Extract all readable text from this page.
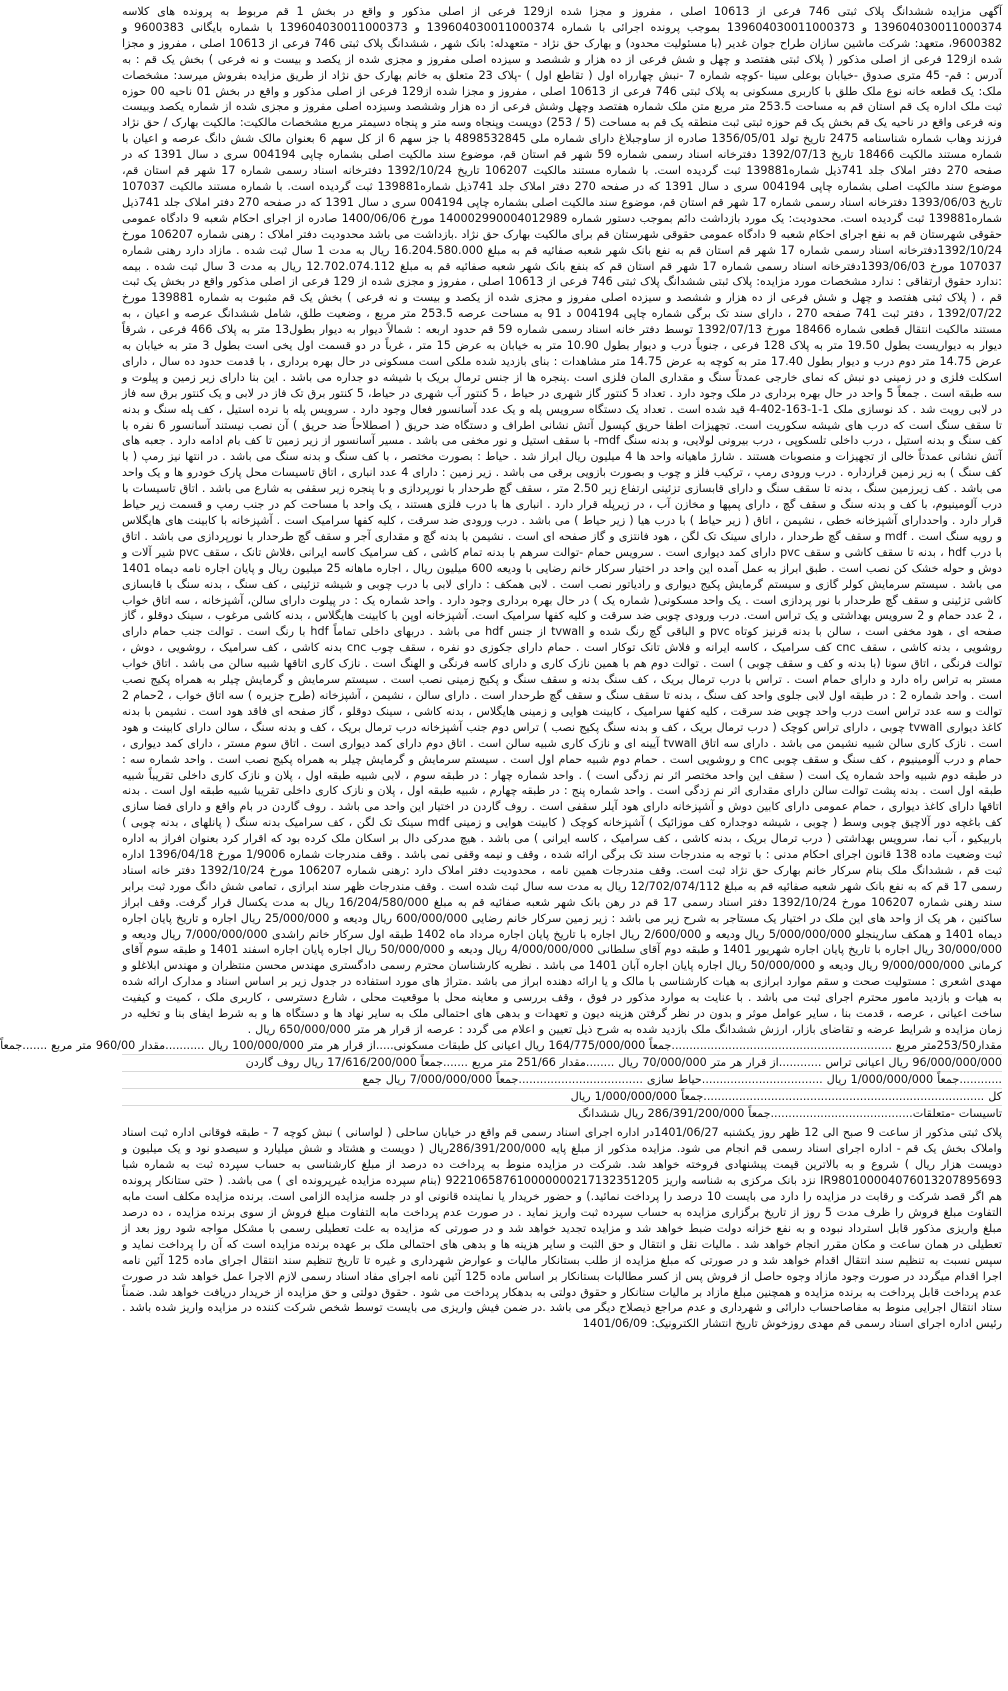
آگهی مزایده ششدانگ پلاک ثبتی 746 فرعی از 10613 اصلی ، مفروز و مجزا شده از129 فرعی از اصلی مذکور و واقع در بخش 1 قم مربوط به پرونده های کلاسه 139604030011000374 و 139604030011000373 بموجب پرونده اجرائی با شماره 139604030011000374 و 139604030011000373 با شماره بایگانی 9600383 و 9600382، متعهد: شرکت ماشین سازان طراح جوان غدیر (با مسئولیت محدود) و بهارک حق نژاد - متعهدله: بانک شهر ، ششدانگ پلاک ثبتی 746 فرعی از 10613 اصلی ، مفروز و مجزا شده از129 فرعی از اصلی مذکور ( پلاک ثبتی هفتصد و چهل و شش فرعی از ده هزار و ششصد و سیزده اصلی مفروز و مجزی شده از یکصد و بیست و نه فرعی ) بخش یک قم : به آدرس : قم- 45 متری صدوق -خیابان بوعلی سینا -کوچه شماره 7 -نبش چهارراه اول ( تقاطع اول ) -پلاک 23 متعلق به خانم بهارک حق نژاد از طریق مزایده بفروش میرسد: مشخصات ملک: یک قطعه خانه نوع ملک طلق با کاربری مسکونی به پلاک ثبتی 746 فرعی از 10613 اصلی ، مفروز و مجزا شده از129 فرعی از اصلی مذکور و واقع در بخش 01 ناحیه 00 حوزه ثبت ملک اداره یک قم استان قم به مساحت 253.5 متر مربع متن ملک شماره هفتصد وچهل وشش فرعی از ده هزار وششصد وسیزده اصلی مفروز و مجزی شده از شماره یکصد وبیست ونه فرعی واقع در ناحیه یک قم بخش یک قم حوزه ثبتی ثبت منطقه یک قم به مساحت (5 / 253) دویست وپنجاه وسه متر و پنجاه دسیمتر مربع مشخصات مالکیت: مالکیت بهارک / حق نژاد فرزند وهاب شماره شناسنامه 2475 تاریخ تولد 1356/05/01 صادره از ساوجبلاغ دارای شماره ملی 4898532845 با جز سهم 6 از کل سهم 6 بعنوان مالک شش دانگ عرصه و اعیان با شماره مستند مالکیت 18466 تاریخ 1392/07/13 دفترخانه اسناد رسمی شماره 59 شهر قم استان قم، موضوع سند مالکیت اصلی بشماره چاپی 004194 سری د سال 1391 که در صفحه 270 دفتر املاک جلد 741ذیل شماره139881 ثبت گردیده است. با شماره مستند مالکیت 106207 تاریخ 1392/10/24 دفترخانه اسناد رسمی شماره 17 شهر قم استان قم، موضوع سند مالکیت اصلی بشماره چاپی 004194 سری د سال 1391 که در صفحه 270 دفتر املاک جلد 741ذیل شماره139881 ثبت گردیده است. با شماره مستند مالکیت 107037 تاریخ 1393/06/03 دفترخانه اسناد رسمی شماره 17 شهر قم استان قم، موضوع سند مالکیت اصلی بشماره چاپی 004194 سری د سال 1391 که در صفحه 270 دفتر املاک جلد 741ذیل شماره139881 ثبت گردیده است. محدودیت: یک مورد بازداشت دائم بموجب دستور شماره 140002990004012989 مورخ 1400/06/06 صادره از اجرای احکام شعبه 9 دادگاه عمومی حقوقی شهرستان قم به نفع اجرای احکام شعبه 9 دادگاه عمومی حقوقی شهرستان قم برای مالکیت بهارک حق نژاد .بازداشت می باشد محدودیت دفتر املاک : رهنی شماره 106207 مورخ 1392/10/24دفترخانه اسناد رسمی شماره 17 شهر قم استان قم به نفع بانک شهر شعبه صفائیه قم به مبلغ 16.204.580.000 ریال به مدت 1 سال ثبت شده . مازاد دارد رهنی شماره 107037 مورخ 1393/06/03دفترخانه اسناد رسمی شماره 17 شهر قم استان قم که بنفع بانک شهر شعبه صفائیه قم به مبلغ 12.702.074.112 ریال به مدت 3 سال ثبت شده . بیمه :ندارد حقوق ارتفاقی : ندارد مشخصات مورد مزایده: پلاک ثبتی ششدانگ پلاک ثبتی 746 فرعی از 10613 اصلی ، مفروز و مجزی شده از 129 فرعی از اصلی مذکور واقع در بخش یک ثبت قم ، ( پلاک ثبتی هفتصد و چهل و شش فرعی از ده هزار و ششصد و سیزده اصلی مفروز و مجزی شده از یکصد و بیست و نه فرعی ) بخش یک قم مثبوت به شماره 139881 مورخ 1392/07/22 ، دفتر ثبت 741 صفحه 270 ، دارای سند تک برگی شماره چاپی 004194 د 91 به مساحت عرصه 253.5 متر مربع ، وضعیت طلق، شامل ششدانگ عرصه و اعیان ، به مستند مالکیت انتقال قطعی شماره 18466 مورخ 1392/07/13 توسط دفتر خانه اسناد رسمی شماره 59 قم حدود اربعه : شمالاً دیوار به دیوار بطول13 متر به پلاک 466 فرعی ، شرقاً دیوار به دیواریست بطول 19.50 متر به پلاک 128 فرعی ، جنوباً درب و دیوار بطول 10.90 متر به خیابان به عرض 15 متر ، غرباً در دو قسمت اول یخی است بطول 3 متر به خیابان به عرض 14.75 متر دوم درب و دیوار بطول 17.40 متر به کوچه به عرض 14.75 متر مشاهدات : بنای بازدید شده ملکی است مسکونی در حال بهره برداری ، با قدمت حدود ده سال ، دارای اسکلت فلزی و در زمینی دو نبش که نمای خارجی عمدتاً سنگ و مقداری المان فلزی است .پنجره ها از جنس ترمال بریک با شیشه دو جداره می باشد . این بنا دارای زیر زمین و پیلوت و سه طبقه است . جمعاً 5 واحد در حال بهره برداری در ملک وجود دارد . تعداد 5 کنتور گاز شهری در حیاط ، 5 کنتور آب شهری در حیاط، 5 کنتور برق تک فاز در لابی و یک کنتور برق سه فاز در لابی رویت شد . کد نوسازی ملک 1-1-163-402-4 قید شده است . تعداد یک دستگاه سرویس پله و یک عدد آسانسور فعال وجود دارد . سرویس پله با نرده استیل ، کف پله سنگ و بدنه تا سقف سنگ است که درب های شیشه سکوریت است. تجهیزات اطفا حریق کپسول آتش نشانی اطراف و دستگاه ضد حریق ( اصطلاحاً ضد حریق ) آن نصب نیستند آسانسور 6 نفره با کف سنگ و بدنه استیل ، درب داخلی تلسکوپی ، درب بیرونی لولایی، و بدنه سنگ mdf- با سقف استیل و نور مخفی می باشد . مسیر آسانسور از زیر زمین تا کف بام ادامه دارد . جعبه های آتش نشانی عمدتاً خالی از تجهیزات و منصوبات هستند . شارژ ماهیانه واحد ها 4 میلیون ریال ابراز شد . حیاط : بصورت مختصر ، با کف سنگ و بدنه سنگ می باشد . در انتها نیز رمپ ( با کف سنگ ) به زیر زمین قرارداره . درب ورودی رمپ ، ترکیب فلز و چوب و بصورت بازویی برقی می باشد . زیر زمین : دارای 4 عدد انباری ، اتاق تاسیسات محل پارک خودرو ها و یک واحد می باشد . کف زیرزمین سنگ ، بدنه تا سقف سنگ و دارای قابسازی تزئینی ارتفاع زیر 2.50 متر ، سقف گچ طرحدار با نورپردازی و با پنجره زیر سقفی به شارع می باشد . اتاق تاسیسات با درب آلومینیوم، با کف و بدنه سنگ و سقف گچ ، دارای پمپها و مخازن آب ، در زیرپله قرار دارد . انباری ها با درب فلزی هستند ، یک واحد با مساحت کم در جنب رمپ و قسمت زیر حیاط قرار دارد . واحددارای آشپزخانه خطی ، نشیمن ، اتاق ( زیر حیاط ) با درب هیا ( زیر حیاط ) می باشد . درب ورودی ضد سرقت ، کلیه کفها سرامیک است . آشپزخانه با کابینت های هایگلاس و رویه سنگ است . mdf و سقف گچ طرحدار ، دارای سینک تک لگن ، هود فانتزی و گاز صفحه ای است . نشیمن با بدنه گچ و مقداری آجر و سقف گچ طرحدار با نورپردازی می باشد . اتاق با درب hdf ، بدنه تا سقف کاشی و سقف pvc دارای کمد دیواری است . سرویس حمام -توالت سرهم با بدنه تمام کاشی ، کف سرامیک کاسه ایرانی ،فلاش تانک ، سقف pvc شیر آلات و دوش و حوله خشک کن نصب است . طبق ابراز به عمل آمده این واحد در اختیار سرکار خانم رضایی با ودیعه 600 میلیون ریال ، اجاره ماهانه 25 میلیون ریال و پایان اجاره نامه دیماه 1401 می باشد . سیستم سرمایش کولر گازی و سیستم گرمایش پکیج دیواری و رادیاتور نصب است . لابی همکف : دارای لابی با درب چوبی و شیشه تزئینی ، کف سنگ ، بدنه سنگ با قابسازی کاشی تزئینی و سقف گچ طرحدار با نور پردازی است . یک واحد مسکونی( شماره یک ) در حال بهره برداری وجود دارد . واحد شماره یک : در پیلوت دارای سالن، آشپزخانه ، سه اتاق خواب ، 2 عدد حمام و 2 سرویس بهداشتی و یک تراس است. درب ورودی چوبی ضد سرقت و کلیه کفها سرامیک است. آشپزخانه اوپن با کابینت هایگلاس ، بدنه کاشی مرغوب ، سینک دوقلو ، گاز صفحه ای ، هود مخفی است ، سالن با بدنه قرنیز کوتاه pvc و الباقی گچ رنگ شده و tvwall از جنس hdf می باشد . دربهای داخلی تماماً hdf با رنگ است . توالت جنب حمام دارای روشویی ، بدنه کاشی ، سقف cnc کف سرامیک ، کاسه ایرانه و فلاش تانک توکار است . حمام دارای جکوزی دو نفره ، سقف چوب cnc بدنه کاشی ، کف سرامیک ، روشویی ، دوش ، توالت فرنگی ، اتاق سونا (با بدنه و کف و سقف چوبی ) است . توالت دوم هم با همین نازک کاری و دارای کاسه فرنگی و الهنگ است . نازک کاری اتاقها شبیه سالن می باشد . اتاق خواب مستر به تراس راه دارد و دارای حمام است . تراس با درب ترمال بریک ، کف سنگ بدنه و سقف سنگ و پکیج زمینی نصب است . سیستم سرمایش و گرمایش چیلر به همراه پکیج نصب است . واحد شماره 2 : در طبقه اول لابی جلوی واحد کف سنگ ، بدنه تا سقف سنگ و سقف گچ طرحدار است . دارای سالن ، نشیمن ، آشپزخانه (طرح جزیره ) سه اتاق خواب ، 2حمام 2 توالت و سه عدد تراس است درب واحد چوبی ضد سرقت ، کلیه کفها سرامیک ، کابینت هوایی و زمینی هایگلاس ، بدنه کاشی ، سینک دوقلو ، گاز صفحه ای فاقد هود است . نشیمن با بدنه کاغذ دیواری tvwall چوبی ، دارای تراس کوچک ( درب ترمال بریک ، کف و بدنه سنگ پکیج نصب ) تراس دوم جنب آشپزخانه درب ترمال بریک ، کف و بدنه سنگ ، سالن دارای کابینت و هود است . نازک کاری سالن شبیه نشیمن می باشد . دارای سه اتاق tvwall آیینه ای و نازک کاری شبیه سالن است . اتاق دوم دارای کمد دیواری است . اتاق سوم مستر ، دارای کمد دیواری ، حمام و درب آلومینیوم ، کف سنگ و سقف چوبی cnc و روشویی است . حمام دوم شبیه حمام اول است . سیستم سرمایش و گرمایش چیلر به همراه پکیج نصب است . واحد شماره سه : در طبقه دوم شبیه واحد شماره یک است ( سقف این واحد مختصر اثر نم زدگی است ) . واحد شماره چهار : در طبقه سوم ، لابی شبیه طبقه اول ، پلان و نازک کاری داخلی تقریباً شبیه طبقه اول است . بدنه پشت توالت سالن دارای مقداری اثر نم زدگی است . واحد شماره پنج : در طبقه چهارم ، شبیه طبقه اول ، پلان و نازک کاری داخلی تقریبا شبیه طبقه اول است . بدنه اتاقها دارای کاغذ دیواری ، حمام عمومی دارای کابین دوش و آشپزخانه دارای هود آیلر سقفی است . روف گاردن در اختیار این واحد می باشد . روف گاردن در بام واقع و دارای فضا سازی کف باغچه دور آلاچیق چوبی وسط ( چوبی ، شیشه دوجداره کف موزائیک ) آشپزخانه کوچک ( کابینت هوایی و زمینی mdf سینک تک لگن ، کف سرامیک بدنه سنگ ( پانلهای ، بدنه چوبی ) باربیکیو ، آب نما، سرویس بهداشتی ( درب ترمال بریک ، بدنه کاشی ، کف سرامیک ، کاسه ایرانی ) می باشد . هیچ مدرکی دال بر اسکان ملک کرده بود که اقرار کرد بعنوان افراز به اداره ثبت وضعیت ماده 138 قانون اجرای احکام مدنی : با توجه به مندرجات سند تک برگی ارائه شده ، وقف و نیمه وقفی نمی باشد . وقف مندرجات شماره 1/9006 مورخ 1396/04/18 اداره ثبت قم ، ششدانگ ملک بنام سرکار خانم بهارک حق نژاد ثبت است. وقف مندرجات همین نامه ، محدودیت دفتر املاک دارد :رهنی شماره 106207 مورخ 1392/10/24 دفتر خانه اسناد رسمی 17 قم که به نفع بانک شهر شعبه صفائیه قم به مبلغ 12/702/074/112 ریال به مدت سه سال ثبت شده است . وقف مندرجات ظهر سند ابرازی ، تمامی شش دانگ مورد ثبت برابر سند رهنی شماره 106207 مورخ 1392/10/24 دفتر اسناد رسمی 17 قم در رهن بانک شهر شعبه صفائیه قم به مبلغ 16/204/580/000 ریال به مدت یکسال قرار گرفت. وقف ابراز ساکنین ، هر یک از واحد های این ملک در اختیار یک مستاجر به شرح زیر می باشد : زیر زمین سرکار خانم رضایی 600/000/000 ریال ودیعه و 25/000/000 ریال اجاره و تاریخ پایان اجاره دیماه 1401 و همکف سارینجلو 5/000/000/000 ریال ودیعه و 2/600/000 ریال اجاره با تاریخ پایان اجاره مرداد ماه 1402 طبقه اول سرکار خانم راشدی 7/000/000/000 ریال ودیعه و 30/000/000 ریال اجاره با تاریخ پایان اجاره شهریور 1401 و طبقه دوم آقای سلطانی 4/000/000/000 ریال ودیعه و 50/000/000 ریال اجاره پایان اجاره اسفند 1401 و طبقه سوم آقای کرمانی 9/000/000/000 ریال ودیعه و 50/000/000 ریال اجاره پایان اجاره آبان 1401 می باشد . نظریه کارشناسان محترم رسمی دادگستری مهندس محسن منتظران و مهندس ابلاغلو و مهدی اشعری : مستولیت صحت و سقم موارد ابرازی به هیات کارشناسی با مالک و یا ارائه دهنده ابراز می باشد .متراژ های مورد استفاده در جدول زیر بر اساس اسناد و مدارک ارائه شده به هیات و بازدید مامور محترم اجرای ثبت می باشد . با عنایت به موارد مذکور در فوق ، وقف بررسی و معاینه محل با موقعیت محلی ، شارع دسترسی ، کاربری ملک ، کمیت و کیفیت ساخت اعیانی ، عرصه ، قدمت بنا ، سایر عوامل موثر و بدون در نظر گرفتن هزینه دیون و تعهدات و بدهی های احتمالی ملک به سایر نهاد ها و دستگاه ها و به شرط ایفای بنا و تخلیه در زمان مزایده و شرایط عرضه و تقاضای بازار، ارزش ششدانگ ملک بازدید شده به شرح ذیل تعیین و اعلام می گردد : عرصه از قرار هر متر 650/000/000 ریال .

مقدار253/50متر مربع ..............................................................جمعاً 164/775/000/000 ریال اعیانی کل طبقات مسکونی.....از قرار هر متر 100/000/000 ریال ...........مقدار 960/00 متر مربع .......جمعاً

96/000/000/000 ریال اعیانی تراس ............از قرار هر متر 70/000/000 ریال ........مقدار 251/66 متر مربع .......جمعاً 17/616/200/000 ریال روف گاردن

............جمعاً 1/000/000/000 ریال ..................................حیاط سازی ...................................جمعاً 7/000/000/000 ریال جمع

کل ...............................................................................جمعاً 1/000/000/000 ریال

تاسیسات -متعلقات........................................جمعاً 286/391/200/000 ریال ششدانگ

پلاک ثبتی مذکور از ساعت 9 صبح الی 12 ظهر روز یکشنبه 1401/06/27در اداره اجرای اسناد رسمی قم واقع در خیابان ساحلی ( لواسانی ) نبش کوچه 7 - طبقه فوقانی اداره ثبت اسناد واملاک بخش یک قم - اداره اجرای اسناد رسمی قم انجام می شود. مزایده مذکور از مبلغ پایه 286/391/200/000ریال ( دویست و هشتاد و شش میلیارد و سیصدو نود و یک میلیون و دویست هزار ریال ) شروع و به بالاترین قیمت پیشنهادی فروخته خواهد شد. شرکت در مزایده منوط به پرداخت ده درصد از مبلغ کارشناسی به حساب سپرده ثبت به شماره شبا IR980100004076013207895693 نزد بانک مرکزی به شناسه واریز 922106587610000000217132351205 (بنام سپرده مزایده غیرپرونده ای ) می باشد. ( حتی ستانکار پرونده هم اگر قصد شرکت و رقابت در مزایده را دارد می بایست 10 درصد را پرداخت نمائید.) و حضور خریدار یا نماینده قانونی او در جلسه مزایده الزامی است. برنده مزایده مکلف است مابه التفاوت مبلغ فروش را ظرف مدت 5 روز از تاریخ برگزاری مزایده به حساب سپرده ثبت واریز نماید . در صورت عدم پرداخت مابه التفاوت مبلغ فروش از سوی برنده مزایده ، ده درصد مبلغ واریزی مذکور قابل استرداد نبوده و به نفع خزانه دولت ضبط خواهد شد و مزایده تجدید خواهد شد و در صورتی که مزایده به علت تعطیلی رسمی با مشکل مواجه شود روز بعد از تعطیلی در همان ساعت و مکان مقرر انجام خواهد شد . مالیات نقل و انتقال و حق الثبت و سایر هزینه ها و بدهی های احتمالی ملک بر عهده برنده مزایده است که آن را پرداخت نماید و سپس نسبت به تنظیم سند انتقال اقدام خواهد شد و در صورتی که مبلغ مزایده از طلب بستانکار مالیات و عوارض شهرداری و غیره تا تاریخ تنظیم سند انتقال اجرای ماده 125 آئین نامه اجرا اقدام میگردد در صورت وجود مازاد وجوه حاصل از فروش پس از کسر مطالبات بستانکار بر اساس ماده 125 آئین نامه اجرای مفاد اسناد رسمی لازم الاجرا عمل خواهد شد در صورت عدم پرداخت قابل پرداخت به برنده مزایده و همچنین مبلغ مازاد بر مالیات ستانکار و حقوق دولتی به بدهکار پرداخت می شود . حقوق دولتی و حق مزایده از خریدار دریافت خواهد شد. ضمناً ستاد انتقال اجرایی منوط به مفاصاحساب دارائی و شهرداری و عدم مراجع ذیصلاح دیگر می باشد .در ضمن فیش واریزی می بایست توسط شخص شرکت کننده در مزایده واریز شده باشد . رئیس اداره اجرای اسناد رسمی قم مهدی روزخوش تاریخ انتشار الکترونیک: 1401/06/09
